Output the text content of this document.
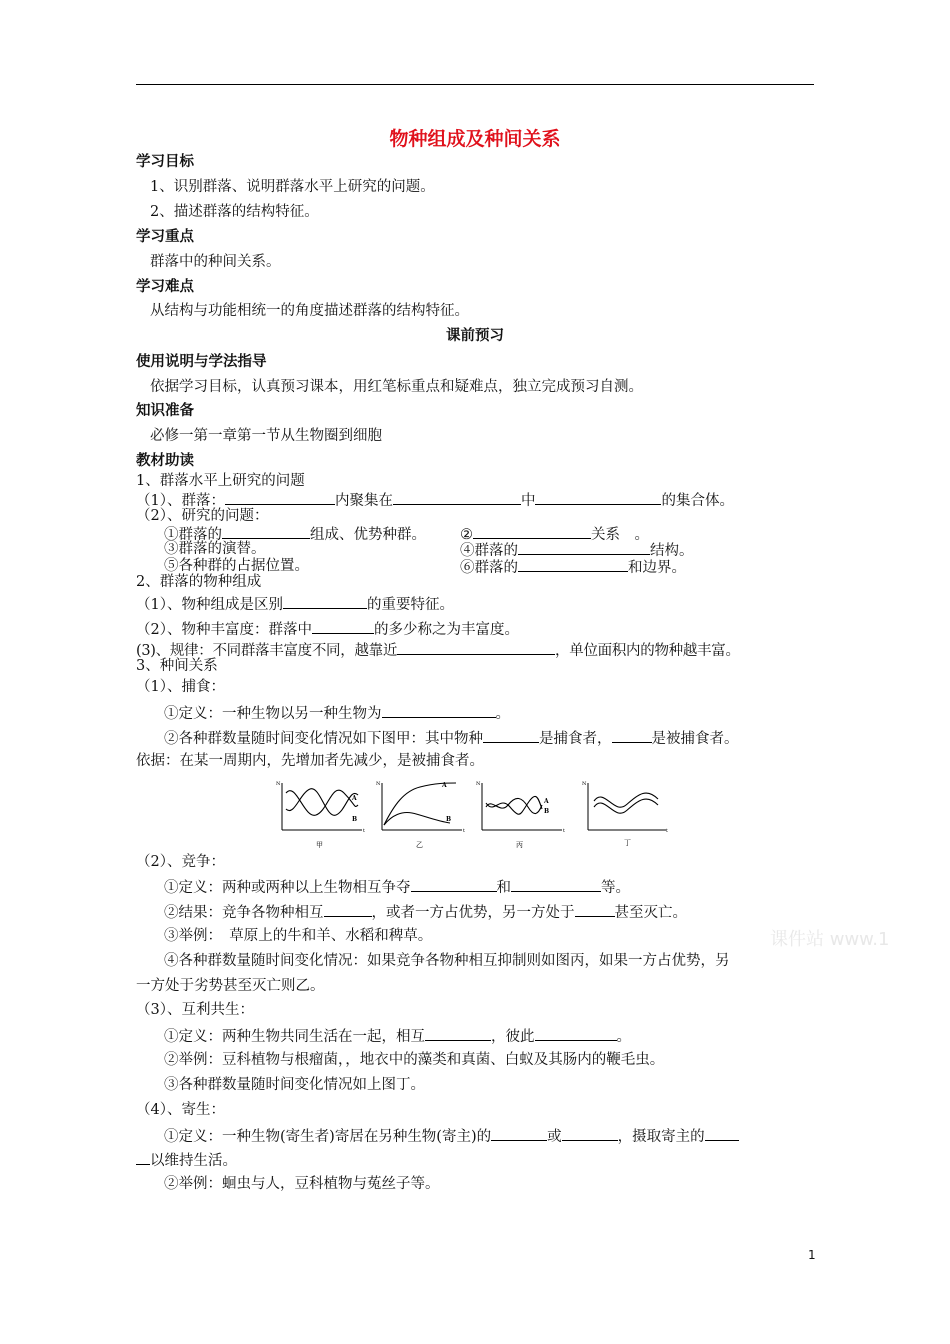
物种组成及种间关系
学习目标
1、识别群落、说明群落水平上研究的问题。
2、描述群落的结构特征。
学习重点
群落中的种间关系。
学习难点
从结构与功能相统一的角度描述群落的结构特征。
课前预习
使用说明与学法指导
依据学习目标，认真预习课本，用红笔标重点和疑难点，独立完成预习自测。
知识准备
必修一第一章第一节从生物圈到细胞
教材助读
1、群落水平上研究的问题
（1）、群落：	内聚集在	中	的集合体。
（2）、研究的问题：
①群落的	组成、优势种群。 ②	关系　。
③群落的演替。	④群落的	结构。
⑤各种群的占据位置。	⑥群落的	和边界。
2、群落的物种组成
（1）、物种组成是区别	的重要特征。
（2）、物种丰富度：群落中	的多少称之为丰富度。
(3)、规律：不同群落丰富度不同，越靠近	，单位面积内的物种越丰富。
3、种间关系
（1）、捕食：
①定义：一种生物以另一种生物为	。
②各种群数量随时间变化情况如下图甲：其中物种	是捕食者，	是被捕食者。
依据：在某一周期内，先增加者先减少，是被捕食者。
N
t
A
B
甲
N
t
A
B
乙
N
t
A
B
丙
N
t
丁
（2）、竞争：
①定义：两种或两种以上生物相互争夺	和	等。
②结果：竞争各物种相互	，或者一方占优势，另一方处于	甚至灭亡。
③举例：　草原上的牛和羊、水稻和稗草。
④各种群数量随时间变化情况：如果竞争各物种相互抑制则如图丙，如果一方占优势，另
一方处于劣势甚至灭亡则乙。
（3）、互利共生：
①定义：两种生物共同生活在一起，相互	，彼此	。
②举例：豆科植物与根瘤菌，，地衣中的藻类和真菌、白蚁及其肠内的鞭毛虫。
③各种群数量随时间变化情况如上图丁。
（4）、寄生：
①定义：一种生物(寄生者)寄居在另种生物(寄主)的	或	，摄取寄主的
以维持生活。
②举例：蛔虫与人，豆科植物与菟丝子等。
课件站 www.1
1
